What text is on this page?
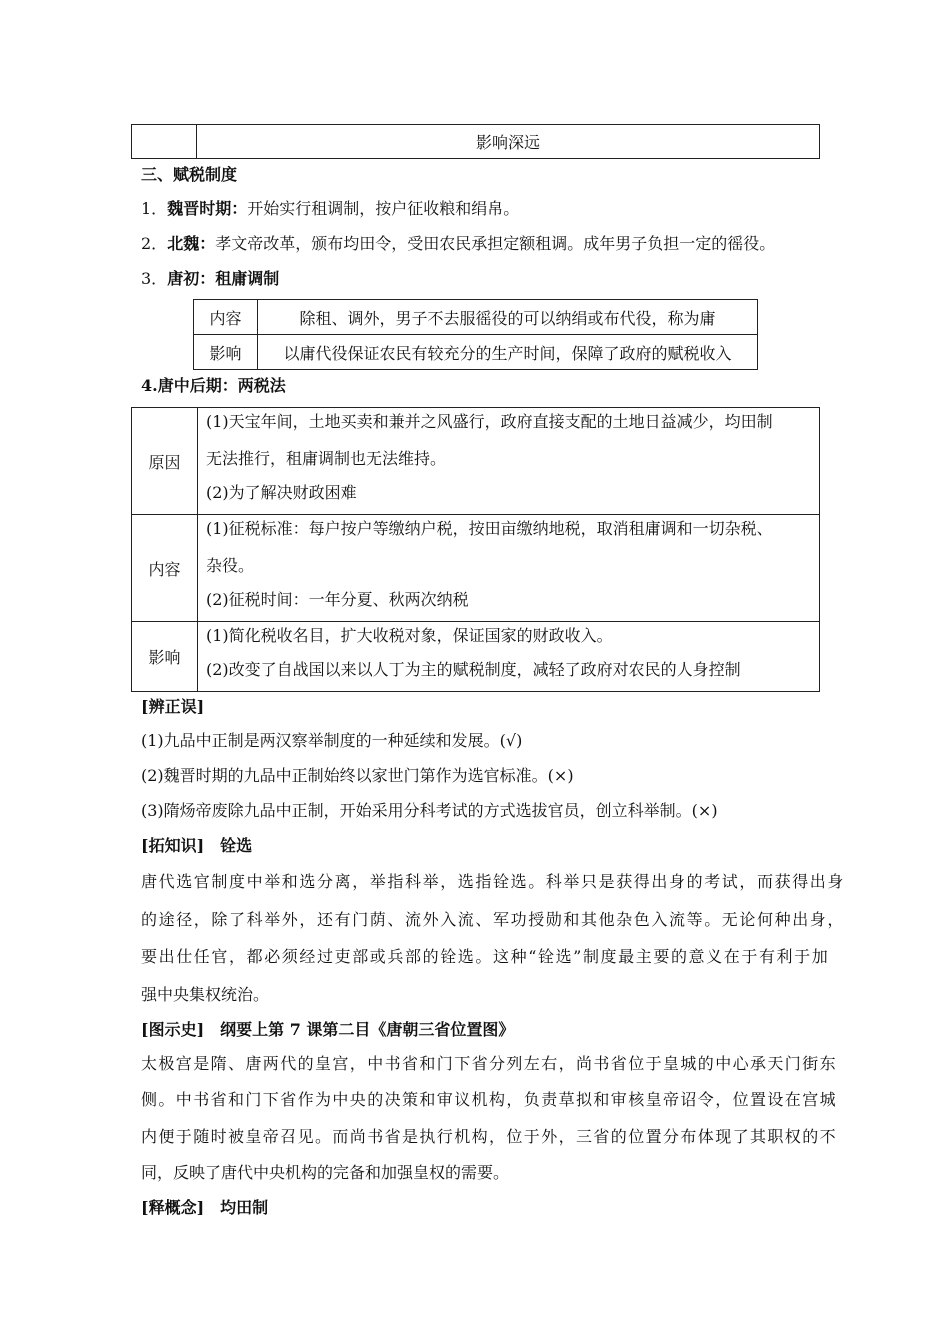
	影响深远
三、赋税制度
1．魏晋时期：开始实行租调制，按户征收粮和绢帛。
2．北魏：孝文帝改革，颁布均田令，受田农民承担定额租调。成年男子负担一定的徭役。
3．唐初：租庸调制
内容	除租、调外，男子不去服徭役的可以纳绢或布代役，称为庸
影响	以庸代役保证农民有较充分的生产时间，保障了政府的赋税收入
4.唐中后期：两税法
原因	(1)天宝年间，土地买卖和兼并之风盛行，政府直接支配的土地日益减少，均田制
无法推行，租庸调制也无法维持。
(2)为了解决财政困难

内容	(1)征税标准：每户按户等缴纳户税，按田亩缴纳地税，取消租庸调和一切杂税、
杂役。
(2)征税时间：一年分夏、秋两次纳税

影响	(1)简化税收名目，扩大收税对象，保证国家的财政收入。
(2)改变了自战国以来以人丁为主的赋税制度，减轻了政府对农民的人身控制
[辨正误]
(1)九品中正制是两汉察举制度的一种延续和发展。(√)
(2)魏晋时期的九品中正制始终以家世门第作为选官标准。(×)
(3)隋炀帝废除九品中正制，开始采用分科考试的方式选拔官员，创立科举制。(×)
[拓知识]　铨选
唐代选官制度中举和选分离，举指科举，选指铨选。科举只是获得出身的考试，而获得出身
的途径，除了科举外，还有门荫、流外入流、军功授勋和其他杂色入流等。无论何种出身，
要出仕任官，都必须经过吏部或兵部的铨选。这种“铨选”制度最主要的意义在于有利于加
强中央集权统治。
[图示史]　纲要上第 7 课第二目《唐朝三省位置图》
太极宫是隋、唐两代的皇宫，中书省和门下省分列左右，尚书省位于皇城的中心承天门街东
侧。中书省和门下省作为中央的决策和审议机构，负责草拟和审核皇帝诏令，位置设在宫城
内便于随时被皇帝召见。而尚书省是执行机构，位于外，三省的位置分布体现了其职权的不
同，反映了唐代中央机构的完备和加强皇权的需要。
[释概念]　均田制
